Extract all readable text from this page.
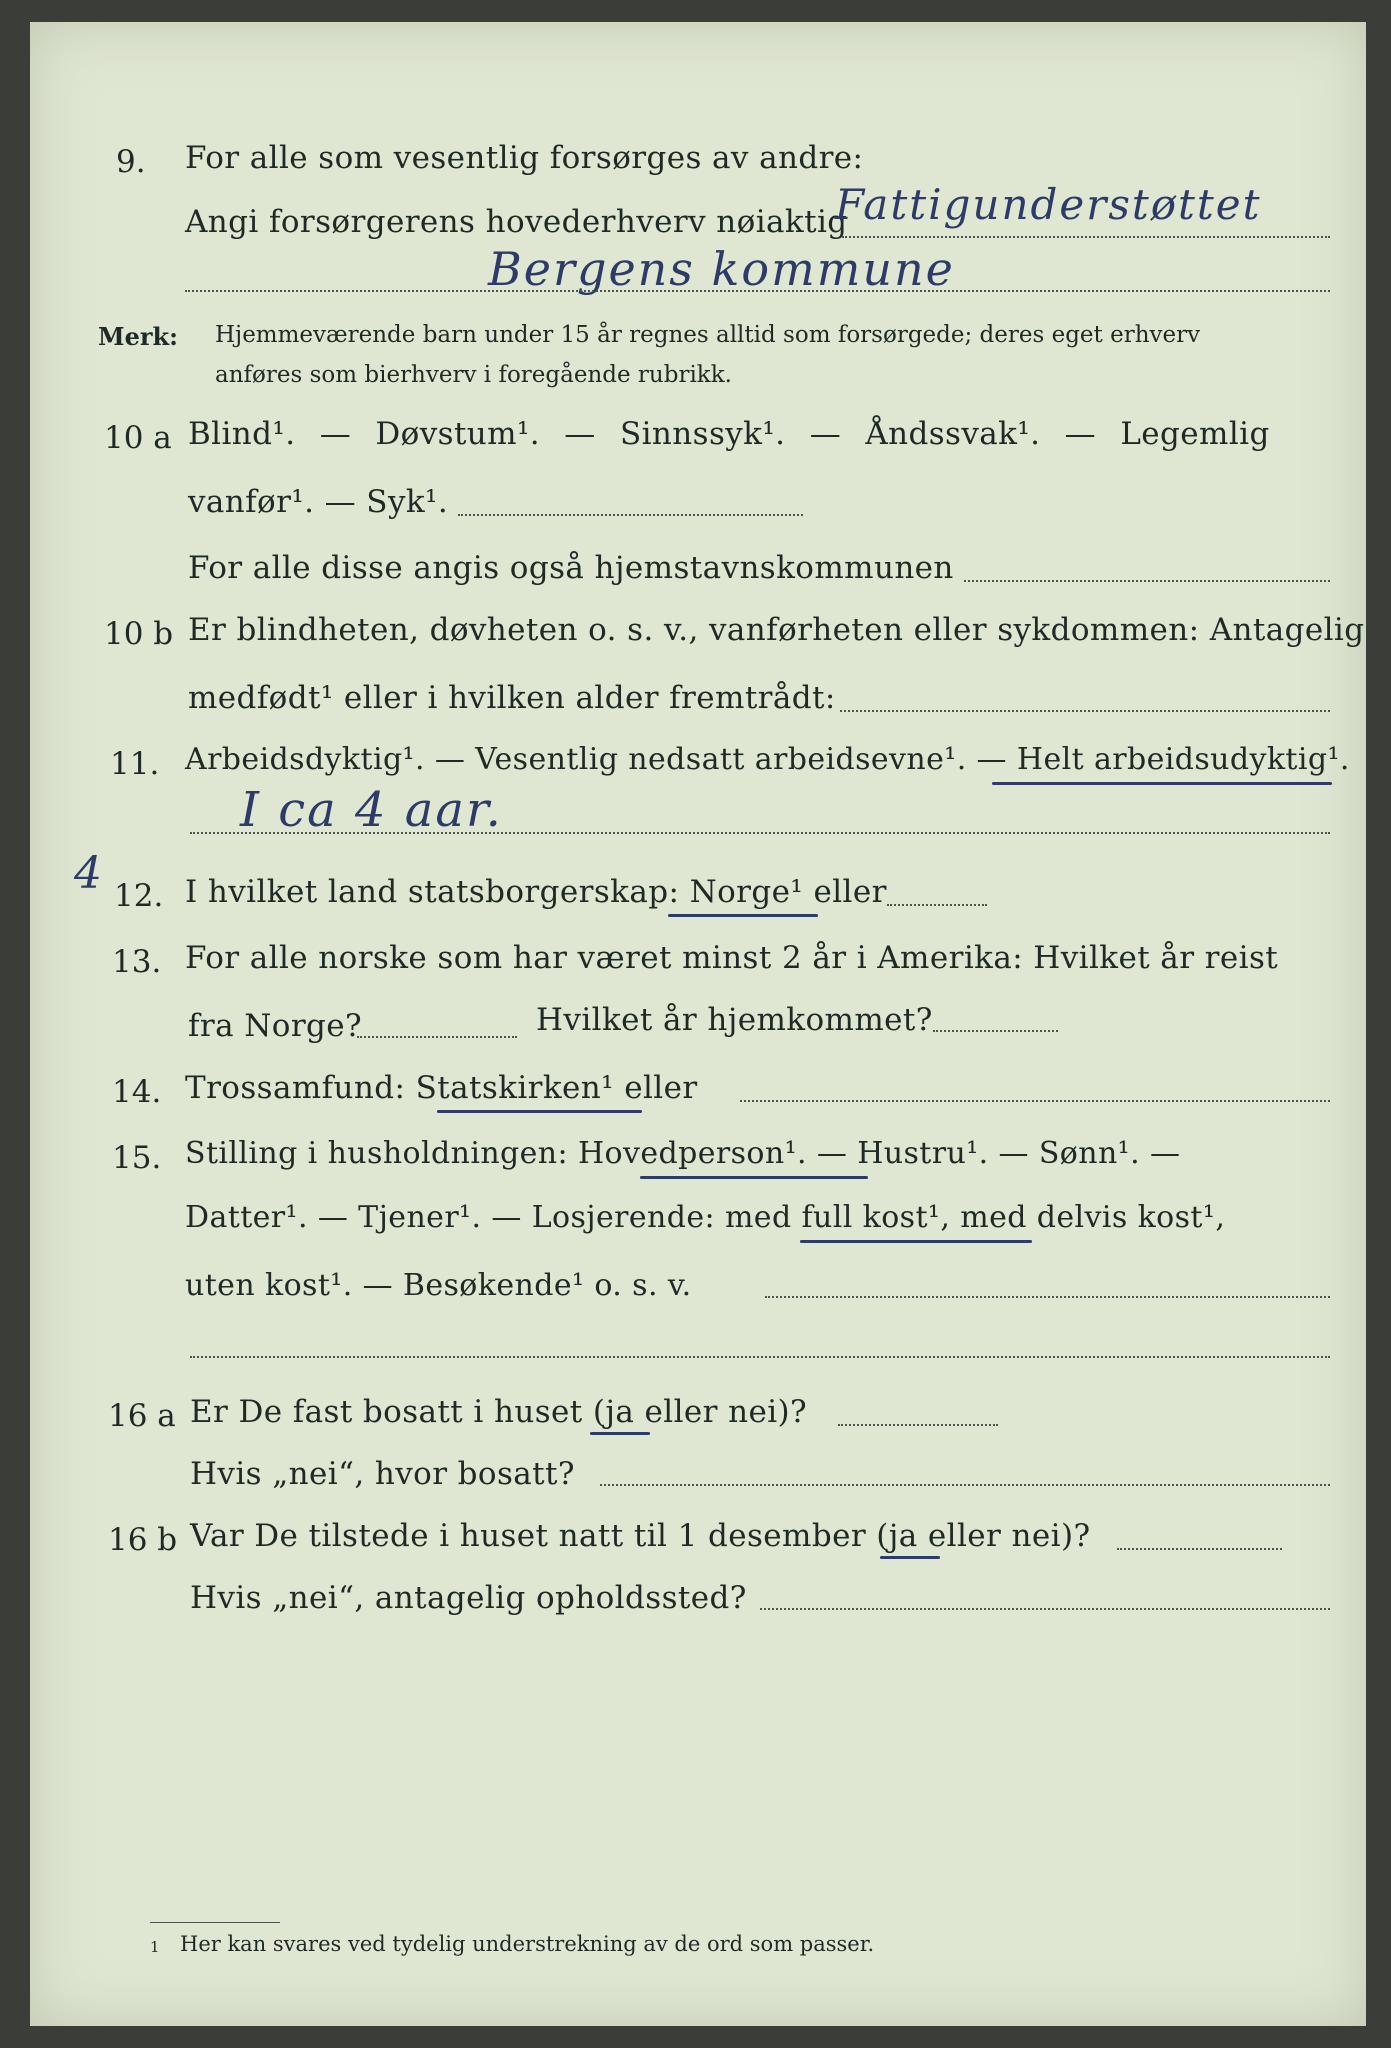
9. For alle som vesentlig forsørges av andre:
Angi forsørgerens hovederhverv nøiaktig
Fattigunderstøttet
Bergens kommune
Merk: Hjemmeværende barn under 15 år regnes alltid som forsørgede; deres eget erhverv
anføres som bierhverv i foregående rubrikk.
10 a Blind¹. — Døvstum¹. — Sinnssyk¹. — Åndssvak¹. — Legemlig
vanfør¹. — Syk¹.
For alle disse angis også hjemstavnskommunen
10 b Er blindheten, døvheten o. s. v., vanførheten eller sykdommen: Antagelig
medfødt¹ eller i hvilken alder fremtrådt:
11. Arbeidsdyktig¹. — Vesentlig nedsatt arbeidsevne¹. — Helt arbeidsudyktig¹.
I ca 4 aar.
4 12. I hvilket land statsborgerskap: Norge¹ eller
13. For alle norske som har været minst 2 år i Amerika: Hvilket år reist
fra Norge?	Hvilket år hjemkommet?
14. Trossamfund: Statskirken¹ eller
15. Stilling i husholdningen: Hovedperson¹. — Hustru¹. — Sønn¹. —
Datter¹. — Tjener¹. — Losjerende: med full kost¹, med delvis kost¹,
uten kost¹. — Besøkende¹ o. s. v.
16 a Er De fast bosatt i huset (ja eller nei)?
Hvis „nei“, hvor bosatt?
16 b Var De tilstede i huset natt til 1 desember (ja eller nei)?
Hvis „nei“, antagelig opholdssted?
1 Her kan svares ved tydelig understrekning av de ord som passer.
